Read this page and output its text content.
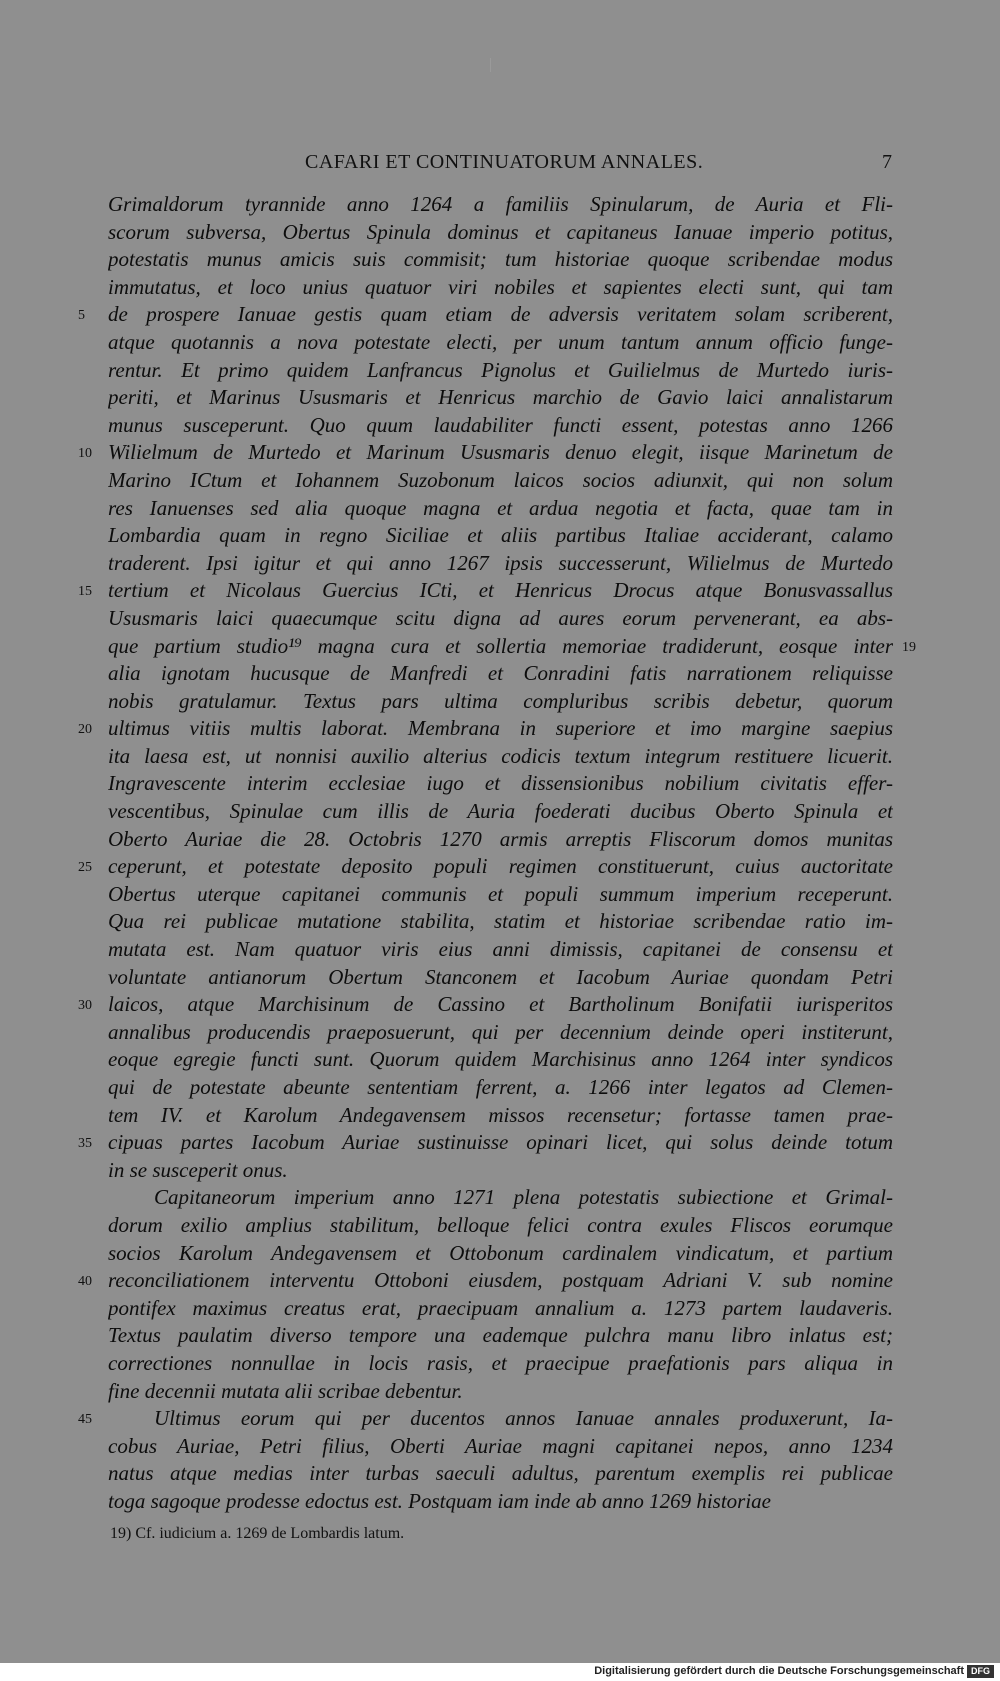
CAFARI ET CONTINUATORUM ANNALES.	7

Grimaldorum tyrannide anno 1264 a familiis Spinularum, de Auria et Fli-
scorum subversa, Obertus Spinula dominus et capitaneus Ianuae imperio potitus,
potestatis munus amicis suis commisit; tum historiae quoque scribendae modus
immutatus, et loco unius quatuor viri nobiles et sapientes electi sunt, qui tam
de prospere Ianuae gestis quam etiam de adversis veritatem solam scriberent,
atque quotannis a nova potestate electi, per unum tantum annum officio funge-
rentur. Et primo quidem Lanfrancus Pignolus et Guilielmus de Murtedo iuris-
periti, et Marinus Ususmaris et Henricus marchio de Gavio laici annalistarum
munus susceperunt. Quo quum laudabiliter functi essent, potestas anno 1266
Wilielmum de Murtedo et Marinum Ususmaris denuo elegit, iisque Marinetum de
Marino ICtum et Iohannem Suzobonum laicos socios adiunxit, qui non solum
res Ianuenses sed alia quoque magna et ardua negotia et facta, quae tam in
Lombardia quam in regno Siciliae et aliis partibus Italiae acciderant, calamo
traderent. Ipsi igitur et qui anno 1267 ipsis successerunt, Wilielmus de Murtedo
tertium et Nicolaus Guercius ICti, et Henricus Drocus atque Bonusvassallus
Ususmaris laici quaecumque scitu digna ad aures eorum pervenerant, ea abs-
que partium studio¹⁹ magna cura et sollertia memoriae tradiderunt, eosque inter
alia ignotam hucusque de Manfredi et Conradini fatis narrationem reliquisse
nobis gratulamur. Textus pars ultima compluribus scribis debetur, quorum
ultimus vitiis multis laborat. Membrana in superiore et imo margine saepius
ita laesa est, ut nonnisi auxilio alterius codicis textum integrum restituere licuerit.
Ingravescente interim ecclesiae iugo et dissensionibus nobilium civitatis effer-
vescentibus, Spinulae cum illis de Auria foederati ducibus Oberto Spinula et
Oberto Auriae die 28. Octobris 1270 armis arreptis Fliscorum domos munitas
ceperunt, et potestate deposito populi regimen constituerunt, cuius auctoritate
Obertus uterque capitanei communis et populi summum imperium receperunt.
Qua rei publicae mutatione stabilita, statim et historiae scribendae ratio im-
mutata est. Nam quatuor viris eius anni dimissis, capitanei de consensu et
voluntate antianorum Obertum Stanconem et Iacobum Auriae quondam Petri
laicos, atque Marchisinum de Cassino et Bartholinum Bonifatii iurisperitos
annalibus producendis praeposuerunt, qui per decennium deinde operi institerunt,
eoque egregie functi sunt. Quorum quidem Marchisinus anno 1264 inter syndicos
qui de potestate abeunte sententiam ferrent, a. 1266 inter legatos ad Clemen-
tem IV. et Karolum Andegavensem missos recensetur; fortasse tamen prae-
cipuas partes Iacobum Auriae sustinuisse opinari licet, qui solus deinde totum
in se susceperit onus.

Capitaneorum imperium anno 1271 plena potestatis subiectione et Grimal-
dorum exilio amplius stabilitum, belloque felici contra exules Fliscos eorumque
socios Karolum Andegavensem et Ottobonum cardinalem vindicatum, et partium
reconciliationem interventu Ottoboni eiusdem, postquam Adriani V. sub nomine
pontifex maximus creatus erat, praecipuam annalium a. 1273 partem laudaveris.
Textus paulatim diverso tempore una eademque pulchra manu libro inlatus est;
correctiones nonnullae in locis rasis, et praecipue praefationis pars aliqua in
fine decennii mutata alii scribae debentur.

Ultimus eorum qui per ducentos annos Ianuae annales produxerunt, Ia-
cobus Auriae, Petri filius, Oberti Auriae magni capitanei nepos, anno 1234
natus atque medias inter turbas saeculi adultus, parentum exemplis rei publicae
toga sagoque prodesse edoctus est. Postquam iam inde ab anno 1269 historiae

5
10
15
20
25
30
35
40
45
19
19) Cf. iudicium a. 1269 de Lombardis latum.
Digitalisierung gefördert durch die Deutsche Forschungsgemeinschaft DFG
